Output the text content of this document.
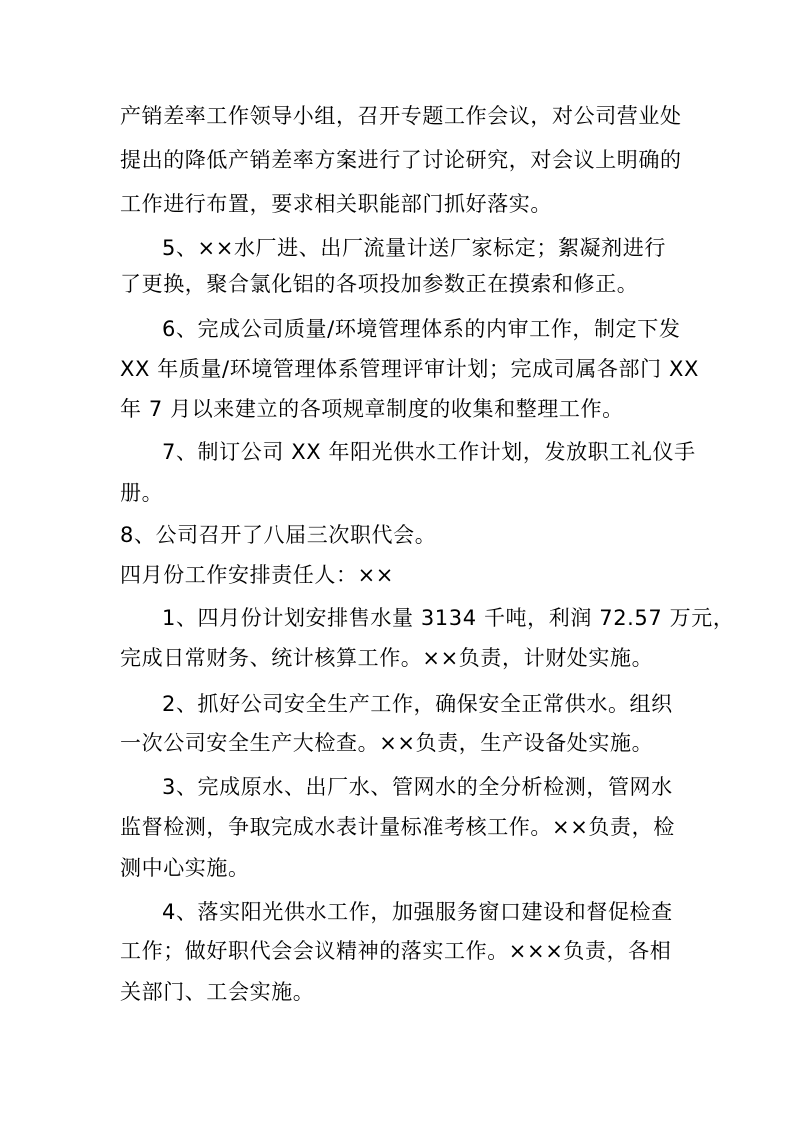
产销差率工作领导小组，召开专题工作会议，对公司营业处
提出的降低产销差率方案进行了讨论研究，对会议上明确的
工作进行布置，要求相关职能部门抓好落实。
5、××水厂进、出厂流量计送厂家标定；絮凝剂进行
了更换，聚合氯化铝的各项投加参数正在摸索和修正。
6、完成公司质量/环境管理体系的内审工作，制定下发
XX 年质量/环境管理体系管理评审计划；完成司属各部门 XX
年 7 月以来建立的各项规章制度的收集和整理工作。
7、制订公司 XX 年阳光供水工作计划，发放职工礼仪手
册。
8、公司召开了八届三次职代会。
四月份工作安排责任人：××
1、四月份计划安排售水量 3134 千吨，利润 72.57 万元，
完成日常财务、统计核算工作。××负责，计财处实施。
2、抓好公司安全生产工作，确保安全正常供水。组织
一次公司安全生产大检查。××负责，生产设备处实施。
3、完成原水、出厂水、管网水的全分析检测，管网水
监督检测，争取完成水表计量标准考核工作。××负责，检
测中心实施。
4、落实阳光供水工作，加强服务窗口建设和督促检查
工作；做好职代会会议精神的落实工作。×××负责，各相
关部门、工会实施。
